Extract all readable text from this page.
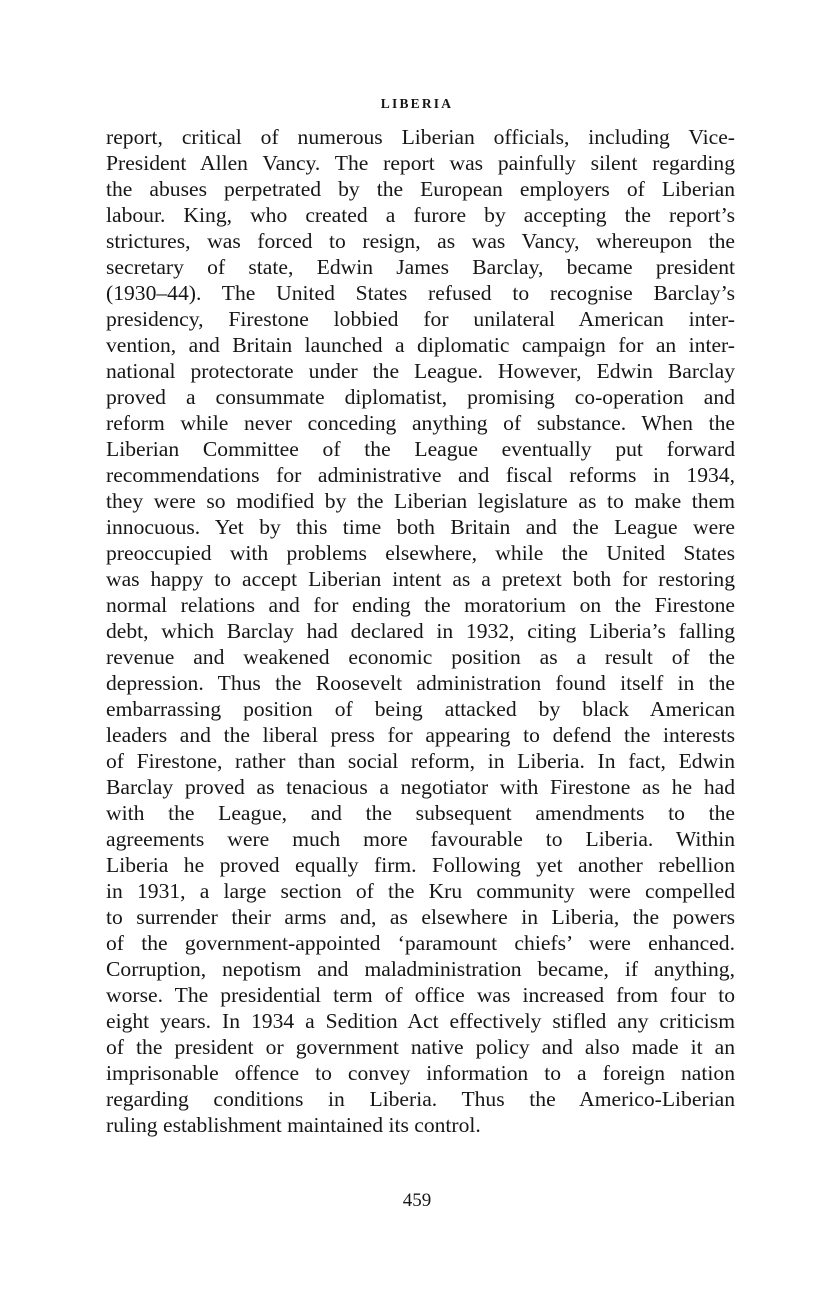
LIBERIA
report, critical of numerous Liberian officials, including Vice-
President Allen Vancy. The report was painfully silent regarding
the abuses perpetrated by the European employers of Liberian
labour. King, who created a furore by accepting the report’s
strictures, was forced to resign, as was Vancy, whereupon the
secretary of state, Edwin James Barclay, became president
(1930–44). The United States refused to recognise Barclay’s
presidency, Firestone lobbied for unilateral American inter-
vention, and Britain launched a diplomatic campaign for an inter-
national protectorate under the League. However, Edwin Barclay
proved a consummate diplomatist, promising co-operation and
reform while never conceding anything of substance. When the
Liberian Committee of the League eventually put forward
recommendations for administrative and fiscal reforms in 1934,
they were so modified by the Liberian legislature as to make them
innocuous. Yet by this time both Britain and the League were
preoccupied with problems elsewhere, while the United States
was happy to accept Liberian intent as a pretext both for restoring
normal relations and for ending the moratorium on the Firestone
debt, which Barclay had declared in 1932, citing Liberia’s falling
revenue and weakened economic position as a result of the
depression. Thus the Roosevelt administration found itself in the
embarrassing position of being attacked by black American
leaders and the liberal press for appearing to defend the interests
of Firestone, rather than social reform, in Liberia. In fact, Edwin
Barclay proved as tenacious a negotiator with Firestone as he had
with the League, and the subsequent amendments to the
agreements were much more favourable to Liberia. Within
Liberia he proved equally firm. Following yet another rebellion
in 1931, a large section of the Kru community were compelled
to surrender their arms and, as elsewhere in Liberia, the powers
of the government-appointed ‘paramount chiefs’ were enhanced.
Corruption, nepotism and maladministration became, if anything,
worse. The presidential term of office was increased from four to
eight years. In 1934 a Sedition Act effectively stifled any criticism
of the president or government native policy and also made it an
imprisonable offence to convey information to a foreign nation
regarding conditions in Liberia. Thus the Americo-Liberian
ruling establishment maintained its control.
459
